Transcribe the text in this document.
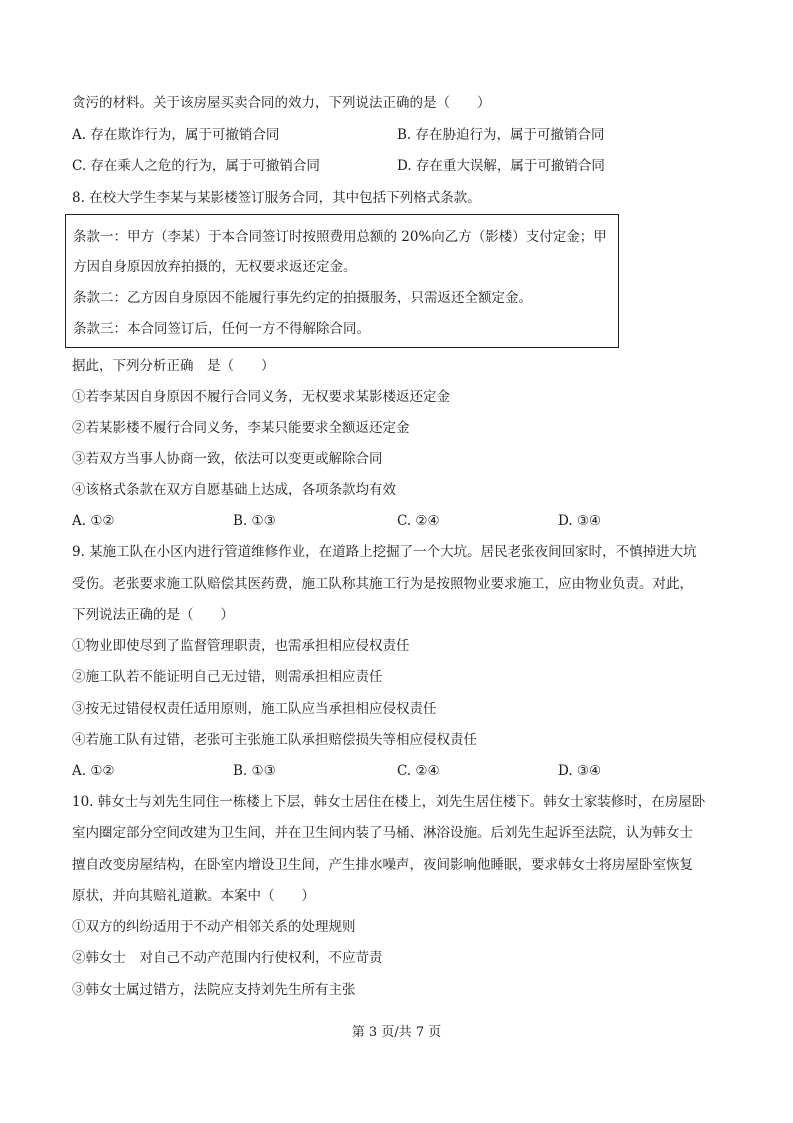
贪污的材料。关于该房屋买卖合同的效力，下列说法正确的是（　　）
A. 存在欺诈行为，属于可撤销合同	B. 存在胁迫行为，属于可撤销合同
C. 存在乘人之危的行为，属于可撤销合同	D. 存在重大误解，属于可撤销合同
8. 在校大学生李某与某影楼签订服务合同，其中包括下列格式条款。
条款一：甲方（李某）于本合同签订时按照费用总额的 20%向乙方（影楼）支付定金；甲
方因自身原因放弃拍摄的，无权要求返还定金。
条款二：乙方因自身原因不能履行事先约定的拍摄服务，只需返还全额定金。
条款三：本合同签订后，任何一方不得解除合同。
据此，下列分析正确　是（　　）
①若李某因自身原因不履行合同义务，无权要求某影楼返还定金
②若某影楼不履行合同义务，李某只能要求全额返还定金
③若双方当事人协商一致，依法可以变更或解除合同
④该格式条款在双方自愿基础上达成，各项条款均有效
A. ①②	B. ①③	C. ②④	D. ③④
9. 某施工队在小区内进行管道维修作业，在道路上挖掘了一个大坑。居民老张夜间回家时，不慎掉进大坑
受伤。老张要求施工队赔偿其医药费，施工队称其施工行为是按照物业要求施工，应由物业负责。对此，
下列说法正确的是（　　）
①物业即使尽到了监督管理职责，也需承担相应侵权责任
②施工队若不能证明自己无过错，则需承担相应责任
③按无过错侵权责任适用原则，施工队应当承担相应侵权责任
④若施工队有过错，老张可主张施工队承担赔偿损失等相应侵权责任
A. ①②	B. ①③	C. ②④	D. ③④
10. 韩女士与刘先生同住一栋楼上下层，韩女士居住在楼上，刘先生居住楼下。韩女士家装修时，在房屋卧
室内圈定部分空间改建为卫生间，并在卫生间内装了马桶、淋浴设施。后刘先生起诉至法院，认为韩女士
擅自改变房屋结构，在卧室内增设卫生间，产生排水噪声，夜间影响他睡眠，要求韩女士将房屋卧室恢复
原状，并向其赔礼道歉。本案中（　　）
①双方的纠纷适用于不动产相邻关系的处理规则
②韩女士　对自己不动产范围内行使权利，不应苛责
③韩女士属过错方，法院应支持刘先生所有主张
第 3 页/共 7 页
